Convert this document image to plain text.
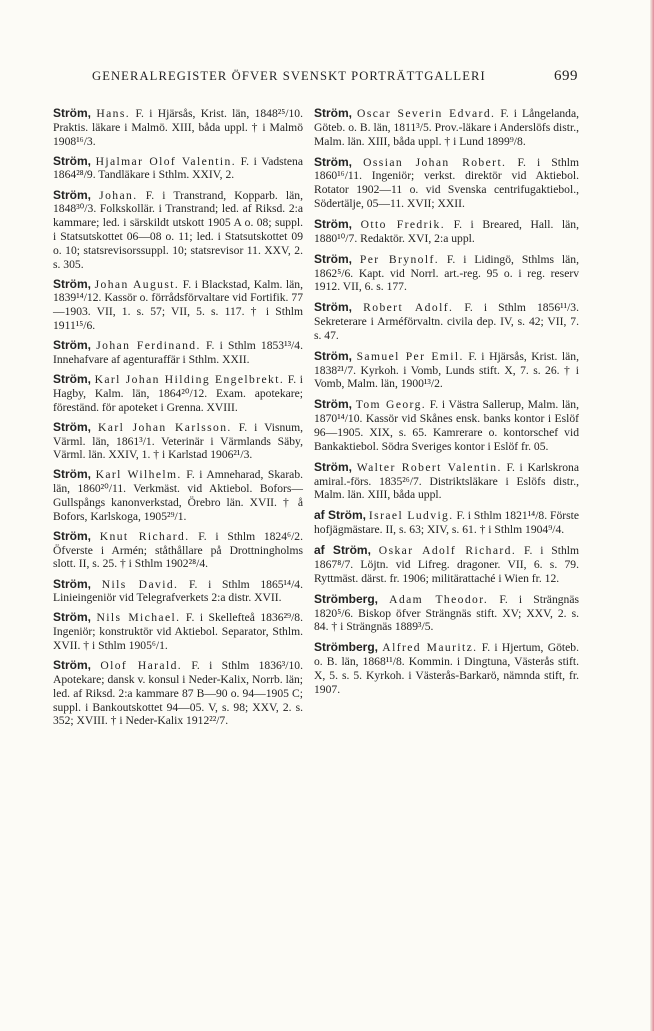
GENERALREGISTER ÖFVER SVENSKT PORTRÄTTGALLERI	699

Ström, Hans. F. i Hjärsås, Krist. län, 1848²⁵/10. Praktis. läkare i Malmö. XIII, båda uppl. † i Malmö 1908¹⁶/3.

Ström, Hjalmar Olof Valentin. F. i Vadstena 1864²⁸/9. Tandläkare i Sthlm. XXIV, 2.

Ström, Johan. F. i Transtrand, Kopparb. län, 1848³⁰/3. Folkskollär. i Transtrand; led. af Riksd. 2:a kammare; led. i särskildt utskott 1905 A o. 08; suppl. i Statsutskottet 06—08 o. 11; led. i Statsutskottet 09 o. 10; statsrevisorssuppl. 10; statsrevisor 11. XXV, 2. s. 305.

Ström, Johan August. F. i Blackstad, Kalm. län, 1839¹⁴/12. Kassör o. förrådsförvaltare vid Fortifik. 77—1903. VII, 1. s. 57; VII, 5. s. 117. † i Sthlm 1911¹⁵/6.

Ström, Johan Ferdinand. F. i Sthlm 1853¹³/4. Innehafvare af agenturaffär i Sthlm. XXII.

Ström, Karl Johan Hilding Engelbrekt. F. i Hagby, Kalm. län, 1864²⁰/12. Exam. apotekare; föreständ. för apoteket i Grenna. XVIII.

Ström, Karl Johan Karlsson. F. i Visnum, Värml. län, 1861³/1. Veterinär i Värmlands Säby, Värml. län. XXIV, 1. † i Karlstad 1906²¹/3.

Ström, Karl Wilhelm. F. i Amneharad, Skarab. län, 1860²⁰/11. Verkmäst. vid Aktiebol. Bofors—Gullspångs kanonverkstad, Örebro län. XVII. † å Bofors, Karlskoga, 1905²⁹/1.

Ström, Knut Richard. F. i Sthlm 1824⁶/2. Öfverste i Armén; ståthållare på Drottningholms slott. II, s. 25. † i Sthlm 1902²⁸/4.

Ström, Nils David. F. i Sthlm 1865¹⁴/4. Linieingeniör vid Telegrafverkets 2:a distr. XVII.

Ström, Nils Michael. F. i Skellefteå 1836²⁹/8. Ingeniör; konstruktör vid Aktiebol. Separator, Sthlm. XVII. † i Sthlm 1905⁶/1.

Ström, Olof Harald. F. i Sthlm 1836³/10. Apotekare; dansk v. konsul i Neder-Kalix, Norrb. län; led. af Riksd. 2:a kammare 87 B—90 o. 94—1905 C; suppl. i Bankoutskottet 94—05. V, s. 98; XXV, 2. s. 352; XVIII. † i Neder-Kalix 1912²²/7.

Ström, Oscar Severin Edvard. F. i Långelanda, Göteb. o. B. län, 1811³/5. Prov.-läkare i Anderslöfs distr., Malm. län. XIII, båda uppl. † i Lund 1899⁹/8.

Ström, Ossian Johan Robert. F. i Sthlm 1860¹⁶/11. Ingeniör; verkst. direktör vid Aktiebol. Rotator 1902—11 o. vid Svenska centrifugaktiebol., Södertälje, 05—11. XVII; XXII.

Ström, Otto Fredrik. F. i Breared, Hall. län, 1880¹⁰/7. Redaktör. XVI, 2:a uppl.

Ström, Per Brynolf. F. i Lidingö, Sthlms län, 1862⁵/6. Kapt. vid Norrl. art.-reg. 95 o. i reg. reserv 1912. VII, 6. s. 177.

Ström, Robert Adolf. F. i Sthlm 1856¹¹/3. Sekreterare i Arméförvaltn. civila dep. IV, s. 42; VII, 7. s. 47.

Ström, Samuel Per Emil. F. i Hjärsås, Krist. län, 1838²¹/7. Kyrkoh. i Vomb, Lunds stift. X, 7. s. 26. † i Vomb, Malm. län, 1900¹³/2.

Ström, Tom Georg. F. i Västra Sallerup, Malm. län, 1870¹⁴/10. Kassör vid Skånes ensk. banks kontor i Eslöf 96—1905. XIX, s. 65. Kamrerare o. kontorschef vid Bankaktiebol. Södra Sveriges kontor i Eslöf fr. 05.

Ström, Walter Robert Valentin. F. i Karlskrona amiral.-förs. 1835²⁶/7. Distriktsläkare i Eslöfs distr., Malm. län. XIII, båda uppl.

af Ström, Israel Ludvig. F. i Sthlm 1821¹⁴/8. Förste hofjägmästare. II, s. 63; XIV, s. 61. † i Sthlm 1904⁹/4.

af Ström, Oskar Adolf Richard. F. i Sthlm 1867⁸/7. Löjtn. vid Lifreg. dragoner. VII, 6. s. 79. Ryttmäst. därst. fr. 1906; militärattaché i Wien fr. 12.

Strömberg, Adam Theodor. F. i Strängnäs 1820⁵/6. Biskop öfver Strängnäs stift. XV; XXV, 2. s. 84. † i Strängnäs 1889³/5.

Strömberg, Alfred Mauritz. F. i Hjertum, Göteb. o. B. län, 1868¹¹/8. Kommin. i Dingtuna, Västerås stift. X, 5. s. 5. Kyrkoh. i Västerås-Barkarö, nämnda stift, fr. 1907.
